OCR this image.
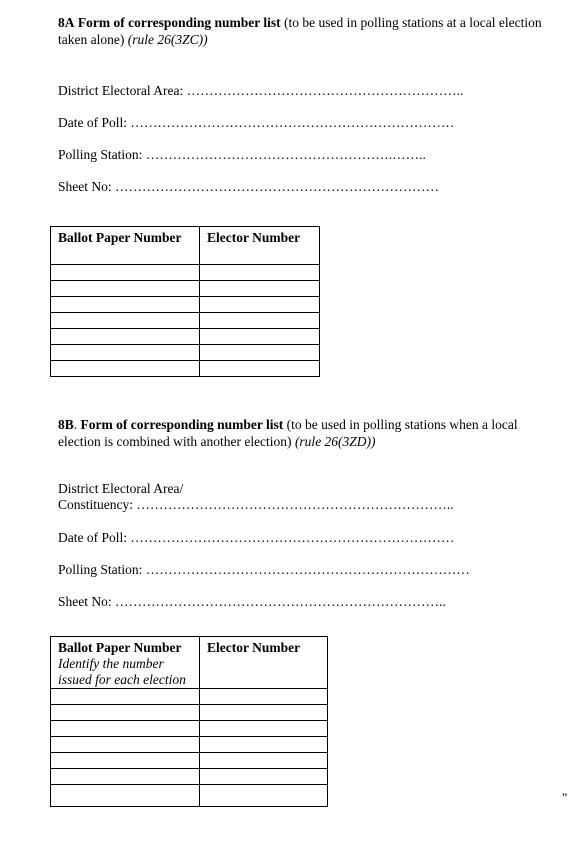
8A Form of corresponding number list (to be used in polling stations at a local election taken alone) (rule 26(3ZC))
District Electoral Area: ……………………………………………………..
Date of Poll: ………………………………………………………………
Polling Station: ……………………………………………….……..
Sheet No: ………………………………………………………………
Ballot Paper Number	Elector Number

8B. Form of corresponding number list (to be used in polling stations when a local election is combined with another election) (rule 26(3ZD))
District Electoral Area/
Constituency: ……………………………………………………………..
Date of Poll: ………………………………………………………………
Polling Station: ………………………………………………………………
Sheet No: ………………………………………………………………..
Ballot Paper Number
Identify the number issued for each election	Elector Number

”
